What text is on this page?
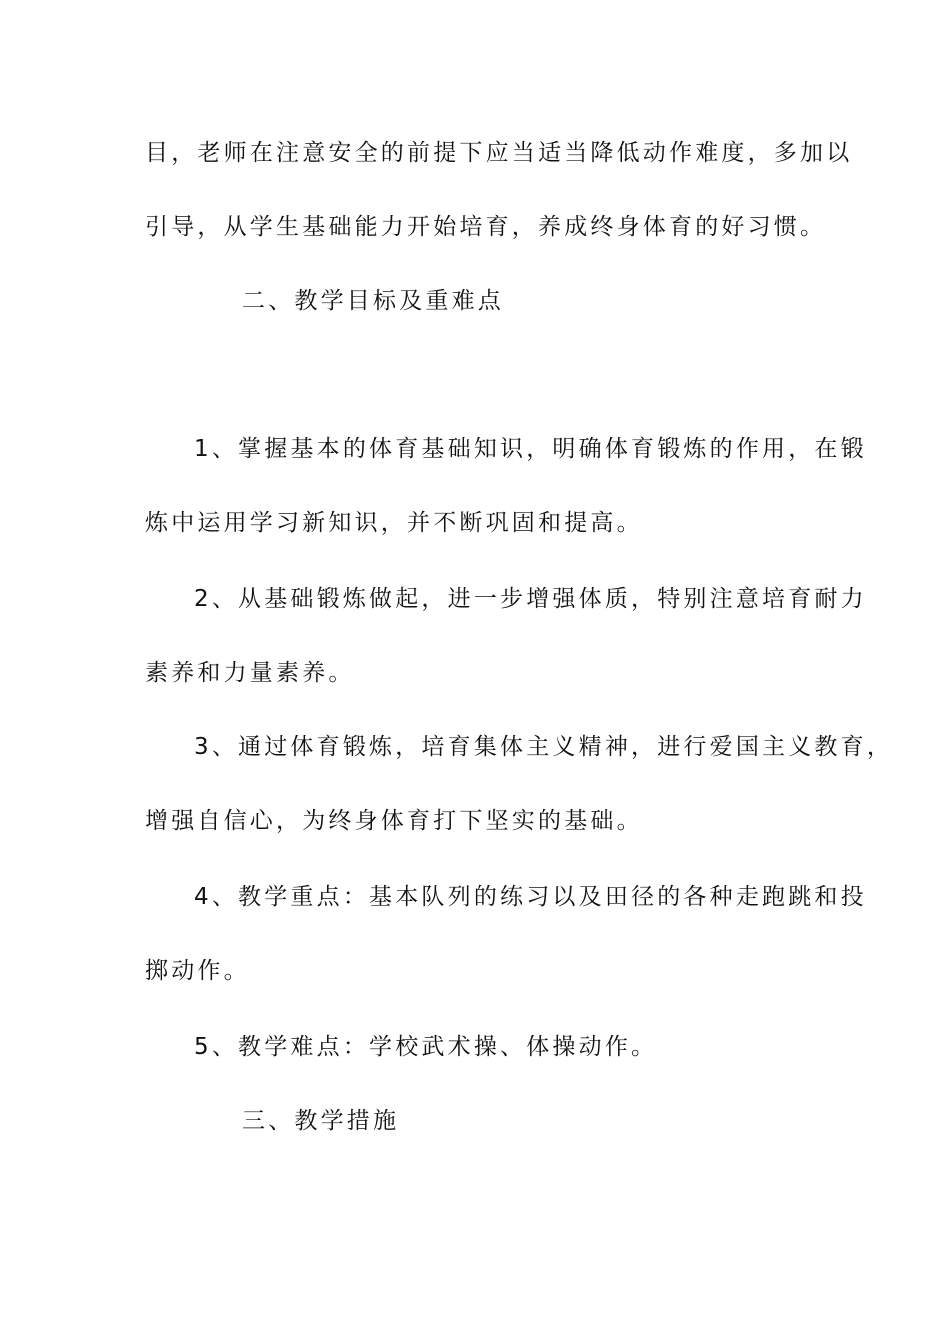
目，老师在注意安全的前提下应当适当降低动作难度，多加以
引导，从学生基础能力开始培育，养成终身体育的好习惯。
二、教学目标及重难点
1、掌握基本的体育基础知识，明确体育锻炼的作用，在锻
炼中运用学习新知识，并不断巩固和提高。
2、从基础锻炼做起，进一步增强体质，特别注意培育耐力
素养和力量素养。
3、通过体育锻炼，培育集体主义精神，进行爱国主义教育，
增强自信心，为终身体育打下坚实的基础。
4、教学重点：基本队列的练习以及田径的各种走跑跳和投
掷动作。
5、教学难点：学校武术操、体操动作。
三、教学措施
